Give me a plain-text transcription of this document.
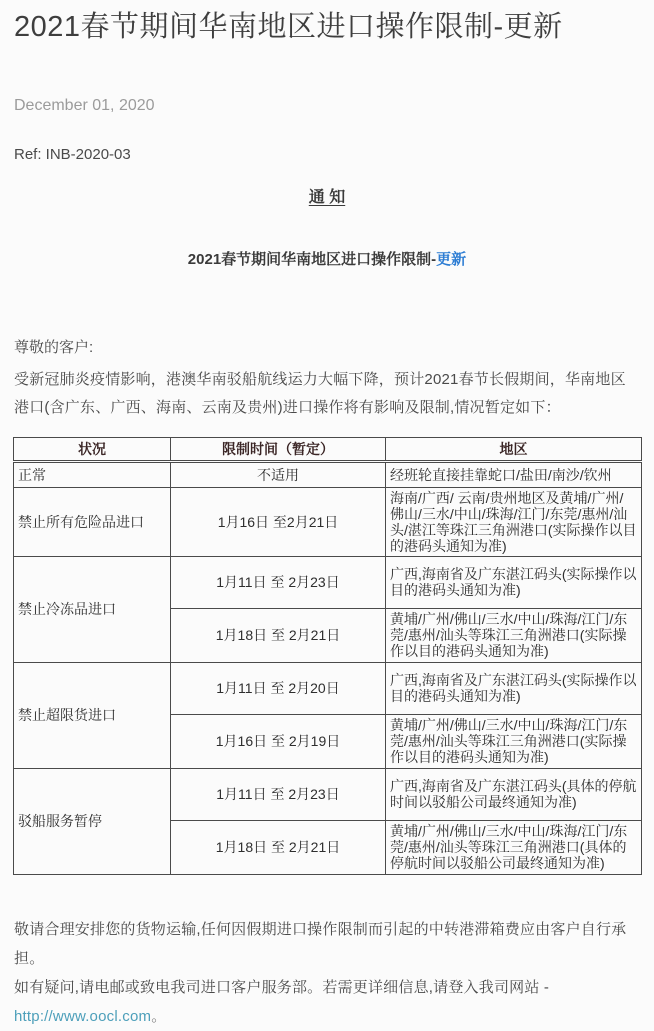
2021春节期间华南地区进口操作限制-更新
December 01, 2020
Ref: INB-2020-03
通 知
2021春节期间华南地区进口操作限制-更新
尊敬的客户:

受新冠肺炎疫情影响，港澳华南驳船航线运力大幅下降，预计2021春节长假期间，华南地区港口(含广东、广西、海南、云南及贵州)进口操作将有影响及限制,情况暂定如下：

状况	限制时间（暂定）	地区
正常	不适用	经班轮直接挂靠蛇口/盐田/南沙/钦州
禁止所有危险品进口	1月16日 至2月21日	海南/广西/ 云南/贵州地区及黄埔/广州/佛山/三水/中山/珠海/江门/东莞/惠州/汕头/湛江等珠江三角洲港口(实际操作以目的港码头通知为准)
禁止冷冻品进口	1月11日 至 2月23日	广西,海南省及广东湛江码头(实际操作以目的港码头通知为准)
	1月18日 至 2月21日	黄埔/广州/佛山/三水/中山/珠海/江门/东莞/惠州/汕头等珠江三角洲港口(实际操作以目的港码头通知为准)
禁止超限货进口	1月11日 至 2月20日	广西,海南省及广东湛江码头(实际操作以目的港码头通知为准)
	1月16日 至 2月19日	黄埔/广州/佛山/三水/中山/珠海/江门/东莞/惠州/汕头等珠江三角洲港口(实际操作以目的港码头通知为准)
驳船服务暂停	1月11日 至 2月23日	广西,海南省及广东湛江码头(具体的停航时间以驳船公司最终通知为准)
	1月18日 至 2月21日	黄埔/广州/佛山/三水/中山/珠海/江门/东莞/惠州/汕头等珠江三角洲港口(具体的停航时间以驳船公司最终通知为准)
敬请合理安排您的货物运输,任何因假期进口操作限制而引起的中转港滞箱费应由客户自行承担。
如有疑问,请电邮或致电我司进口客户服务部。若需更详细信息,请登入我司网站 -
http://www.oocl.com。
